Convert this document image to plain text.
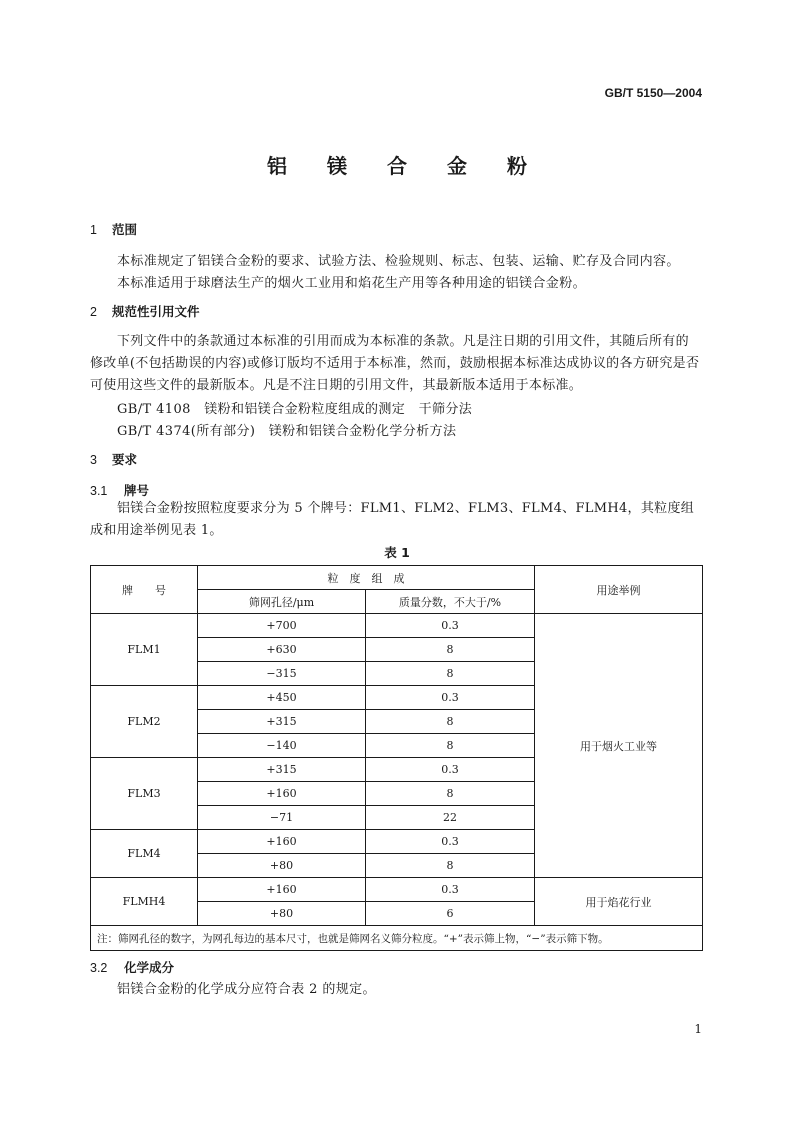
GB/T 5150—2004
铝镁合金粉
1 范围
本标准规定了铝镁合金粉的要求、试验方法、检验规则、标志、包装、运输、贮存及合同内容。
本标准适用于球磨法生产的烟火工业用和焰花生产用等各种用途的铝镁合金粉。
2 规范性引用文件
下列文件中的条款通过本标准的引用而成为本标准的条款。凡是注日期的引用文件，其随后所有的修改单(不包括勘误的内容)或修订版均不适用于本标准，然而，鼓励根据本标准达成协议的各方研究是否可使用这些文件的最新版本。凡是不注日期的引用文件，其最新版本适用于本标准。
GB/T 4108　镁粉和铝镁合金粉粒度组成的测定　干筛分法
GB/T 4374(所有部分)　镁粉和铝镁合金粉化学分析方法
3 要求
3.1 牌号
铝镁合金粉按照粒度要求分为 5 个牌号：FLM1、FLM2、FLM3、FLM4、FLMH4，其粒度组成和用途举例见表 1。
表 1
牌　　号	粒　度　组　成		用途举例
	筛网孔径/μm	质量分数，不大于/%	
FLM1	+700	0.3	用于烟火工业等
	+630	8	
	−315	8	
FLM2	+450	0.3	
	+315	8	
	−140	8	
FLM3	+315	0.3	
	+160	8	
	−71	22	
FLM4	+160	0.3	
	+80	8	
FLMH4	+160	0.3	用于焰花行业
	+80	6	
注：筛网孔径的数字，为网孔每边的基本尺寸，也就是筛网名义筛分粒度。“+”表示筛上物，“−”表示筛下物。			
3.2 化学成分
铝镁合金粉的化学成分应符合表 2 的规定。
1
